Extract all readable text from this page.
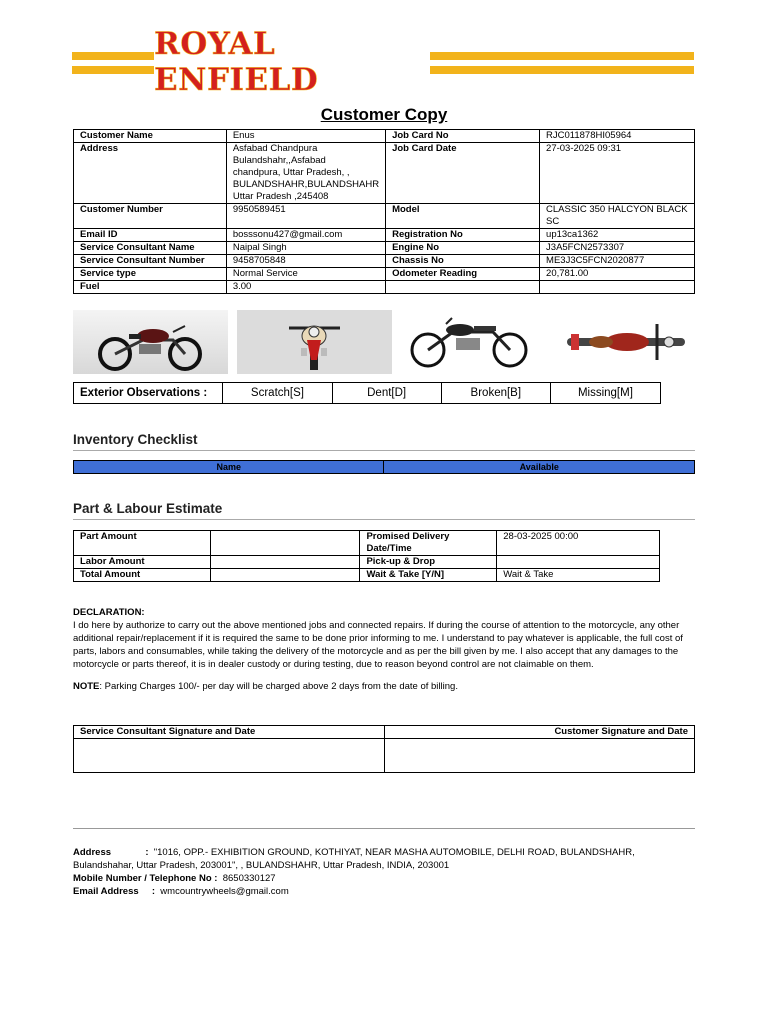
ROYAL ENFIELD
Customer Copy
Customer Name	Enus	Job Card No	RJC011878HI05964
Address	Asfabad Chandpura
Bulandshahr,,Asfabad
chandpura, Uttar Pradesh, ,
BULANDSHAHR,BULANDSHAHR
Uttar Pradesh ,245408	Job Card Date	27-03-2025 09:31
Customer Number	9950589451	Model	CLASSIC 350 HALCYON BLACK SC
Email ID	bosssonu427@gmail.com	Registration No	up13ca1362
Service Consultant Name	Naipal Singh	Engine No	J3A5FCN2573307
Service Consultant Number	9458705848	Chassis No	ME3J3C5FCN2020877
Service type	Normal Service	Odometer Reading	20,781.00
Fuel	3.00		
Exterior Observations :	Scratch[S]	Dent[D]	Broken[B]	Missing[M]
Inventory Checklist
Name	Available
Part & Labour Estimate
Part Amount		Promised Delivery Date/Time	28-03-2025 00:00
Labor Amount		Pick-up & Drop	
Total Amount		Wait & Take [Y/N]	Wait & Take
DECLARATION:
I do here by authorize to carry out the above mentioned jobs and connected repairs. If during the course of attention to the motorcycle, any other additional repair/replacement if it is required the same to be done prior informing to me. I understand to pay whatever is applicable, the full cost of parts, labors and consumables, while taking the delivery of the motorcycle and as per the bill given by me. I also accept that any damages to the motorcycle or parts thereof, it is in dealer custody or during testing, due to reason beyond control are not claimable on them.
NOTE: Parking Charges 100/- per day will be charged above 2 days from the date of billing.
Service Consultant Signature and Date	Customer Signature and Date

Address             :  "1016, OPP.- EXHIBITION GROUND, KOTHIYAT, NEAR MASHA AUTOMOBILE, DELHI ROAD, BULANDSHAHR, Bulandshahar, Uttar Pradesh, 203001", , BULANDSHAHR, Uttar Pradesh, INDIA, 203001
Mobile Number / Telephone No :  8650330127
Email Address     :  wmcountrywheels@gmail.com
